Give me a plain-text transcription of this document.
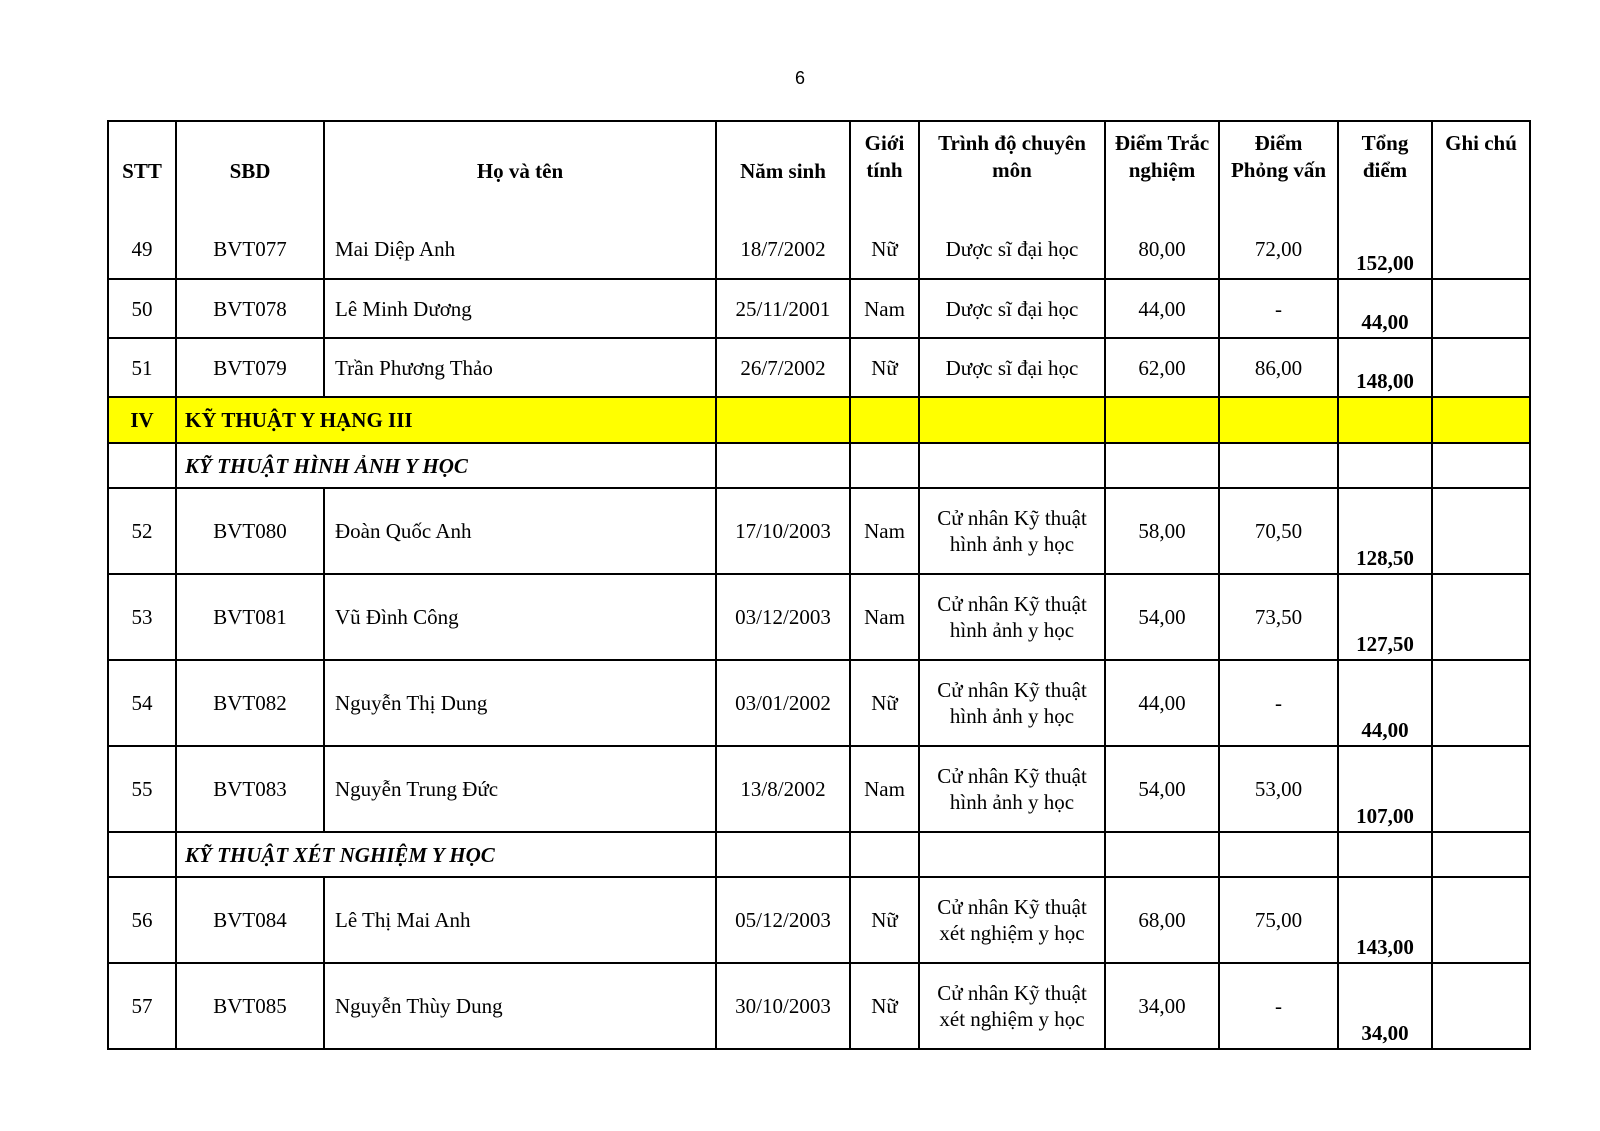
6
STT	SBD	Họ và tên	Năm sinh	Giới tính	Trình độ chuyên môn	Điểm Trắc nghiệm	Điểm Phỏng vấn	Tổng điểm	Ghi chú
49	BVT077	Mai Diệp Anh	18/7/2002	Nữ	Dược sĩ đại học	80,00	72,00	152,00	
50	BVT078	Lê Minh Dương	25/11/2001	Nam	Dược sĩ đại học	44,00	-	44,00	
51	BVT079	Trần Phương Thảo	26/7/2002	Nữ	Dược sĩ đại học	62,00	86,00	148,00	
IV	KỸ THUẬT Y HẠNG III								
	KỸ THUẬT HÌNH ẢNH Y HỌC								
52	BVT080	Đoàn Quốc Anh	17/10/2003	Nam	Cử nhân Kỹ thuật hình ảnh y học	58,00	70,50	128,50	
53	BVT081	Vũ Đình Công	03/12/2003	Nam	Cử nhân Kỹ thuật hình ảnh y học	54,00	73,50	127,50	
54	BVT082	Nguyễn Thị Dung	03/01/2002	Nữ	Cử nhân Kỹ thuật hình ảnh y học	44,00	-	44,00	
55	BVT083	Nguyễn Trung Đức	13/8/2002	Nam	Cử nhân Kỹ thuật hình ảnh y học	54,00	53,00	107,00	
	KỸ THUẬT XÉT NGHIỆM Y HỌC								
56	BVT084	Lê Thị Mai Anh	05/12/2003	Nữ	Cử nhân Kỹ thuật xét nghiệm y học	68,00	75,00	143,00	
57	BVT085	Nguyễn Thùy Dung	30/10/2003	Nữ	Cử nhân Kỹ thuật xét nghiệm y học	34,00	-	34,00	
